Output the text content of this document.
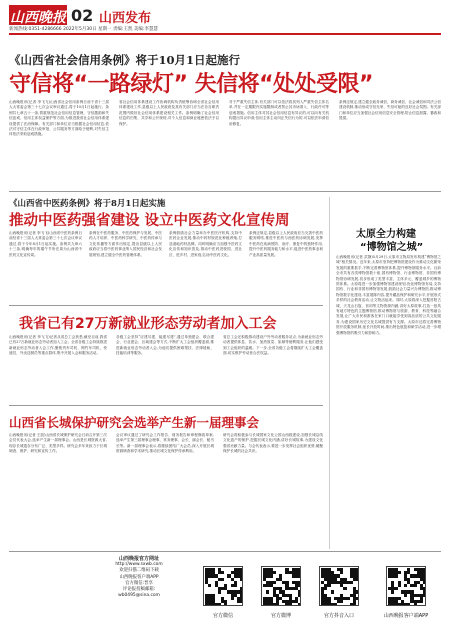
山西晚报 02 山西发布
新闻热线:0351-4286666 2022年5月30日 星期一 责编:王凯 美编:李慧慧
《山西省社会信用条例》将于10月1日起施行
守信将“一路绿灯” 失信将“处处受限”
山西晚报讯(记者 李飞飞)山西省社会信用条例日前于省十三届人大常委会第三十七次会议审议通过,将于10月1日起施行。条例共七章五十一条,着重规范社会信用信息管理、守信激励和失信惩戒、信用主体权益保护等方面,为推进我省社会信用体系建设提供了法治保障。有关部门和单位应当根据社会信用信息,依法对守信主体在行政审批、公共服务等方面给予便利,对失信主体依法采取惩戒措施。
省社会信用体系建设工作协调机构负责统筹协调全省社会信用体系建设工作,县级以上人民政府及其有关部门应当在各自职责范围内做好社会信用体系建设相关工作。条例明确了社会信用信息的归集、共享和公开规则,对个人信息和商业秘密依法予以保护。
对于严重失信主体,有关部门可以依法将其列入严重失信主体名单,并在一定期限内实施限制或者禁止其市场准入、行政许可等惩戒措施。信用主体对其社会信用信息有异议的,可以向有关机构提出异议申请;信用主体主动纠正失信行为的,可以依法申请信用修复。
条例还规定,建立健全政务诚信、商务诚信、社会诚信和司法公信建设机制,推动形成守信光荣、失信可耻的良好社会氛围。有关部门和单位应当加强社会信用信息安全管理,防止信息泄露、篡改和毁损。
《山西省中医药条例》将于8月1日起实施
推动中医药强省建设 设立中医药文化宣传周
山西晚报讯(记者 李飞飞)山西省中医药条例日前经省十三届人大常委会第三十七次会议审议通过,将于今年8月1日起实施。条例共九章六十三条,明确每年的端午节所在周为山西省中医药文化宣传周。
条例在中医药服务、中医药保护与发展、中医药人才培养、中医药科学研究、中医药传承与文化传播等方面作出规定,提出县级以上人民政府应当将中医药事业纳入国民经济和社会发展规划,建立健全中医药管理体系。
条例鼓励社会力量举办中医医疗机构,支持中医药企业发展,推动中药材规范化种植养殖,打造道地药材品牌。同时明确应当加强中医药文化宣传和知识普及,推动中医药进校园、进社区、进乡村、进家庭,弘扬中医药文化。
条例还规定,县级以上人民政府应当完善中医药服务网络,推进中医药与西医药协调发展,发挥中医药在疾病预防、治疗、康复中的独特作用,提升中医药服务能力和水平,促进中医药事业和产业高质量发展。
我省已有27万新就业形态劳动者加入工会
山西晚报讯(记者 李飞飞)记者从省总工会获悉,截至目前,我省已有27万新就业形态劳动者加入工会。全省各级工会持续推进新就业形态劳动者入会工作,聚焦货车司机、网约车司机、快递员、外卖送餐员等重点群体,集中开展入会和服务活动。
各级工会坚持“应建尽建、能建尽建”,通过单独建会、联合建会、行业建会、区域建会等方式,不断扩大工会组织覆盖面,推进新就业形态劳动者入会,为他们提供困难帮扶、法律援助、技能培训等服务。
省总工会还积极推动建设户外劳动者服务站点,为新就业形态劳动者提供休息、饮水、加热饭菜、如厕等便利服务,让他们感受到工会组织的温暖。下一步,全省各级工会将继续扩大工会覆盖面,切实维护劳动者合法权益。
山西省长城保护研究会选举产生新一届理事会
山西晚报讯(记者 王凯)山西省长城保护研究会日前召开第三次会员代表大会,选举产生新一届理事会。山西是长城资源大省,现存长城遗存分布广泛、类型多样。研究会多年来致力于长城调查、保护、研究和宣传工作。
会议审议通过了研究会工作报告、财务报告和章程修改草案,选举产生第三届理事会理事、常务理事、会长、副会长、秘书长等。新一届理事会表示,将继续团结广大会员,深入开展长城资源调查和学术研究,推动长城文化保护传承利用。
研究会将积极参与长城国家文化公园山西段建设,加强长城沿线文化遗产的保护,挖掘长城文化内涵,讲好长城故事,为建设文化强省贡献力量。与会代表表示,要进一步发挥社会组织优势,凝聚保护长城的社会共识。
太原全力构建
“博物馆之城”
山西晚报讯(记者 武静)5月29日,太原市文物局发布构建“博物馆之城”相关情况。近年来,太原市坚持把博物馆建设作为推动文化繁荣发展的重要抓手,不断完善博物馆体系,提升博物馆服务水平。目前全市共有各类博物馆数十座,国有博物馆、行业博物馆、非国有博物馆协调发展,初步形成了类型丰富、主体多元、覆盖城乡的博物馆体系。太原将进一步加强博物馆建设规划,优化博物馆布局,支持国有、行业和非国有博物馆发展,鼓励社会力量兴办博物馆,推动博物馆数字化建设,丰富展陈内容,提升藏品保护和研究水平,开展形式多样的社会教育活动,让文物活起来。同时,太原将深入挖掘晋阳古城、天龙山石窟、晋祠等文物资源内涵,讲好太原故事,打造一批具有地方特色的主题博物馆,推动博物馆与旅游、教育、科技等融合发展,让广大市民和游客在家门口就能享受到高品质的公共文化服务,为建设国家历史文化名城提供有力支撑。太原市还将完善博物馆开放服务机制,延长开放时间,推出特色展览和研学活动,进一步增强博物馆的吸引力和影响力。
山西晚报官方网址
http://www.sxwb.com
欢迎扫描二维码下载
山西晚报客户端APP
官方微信:晋享
评论报投稿邮箱:
wb0495@sina.com
官方微信	官方微博	官方抖音入口	山西晚报客户端APP
